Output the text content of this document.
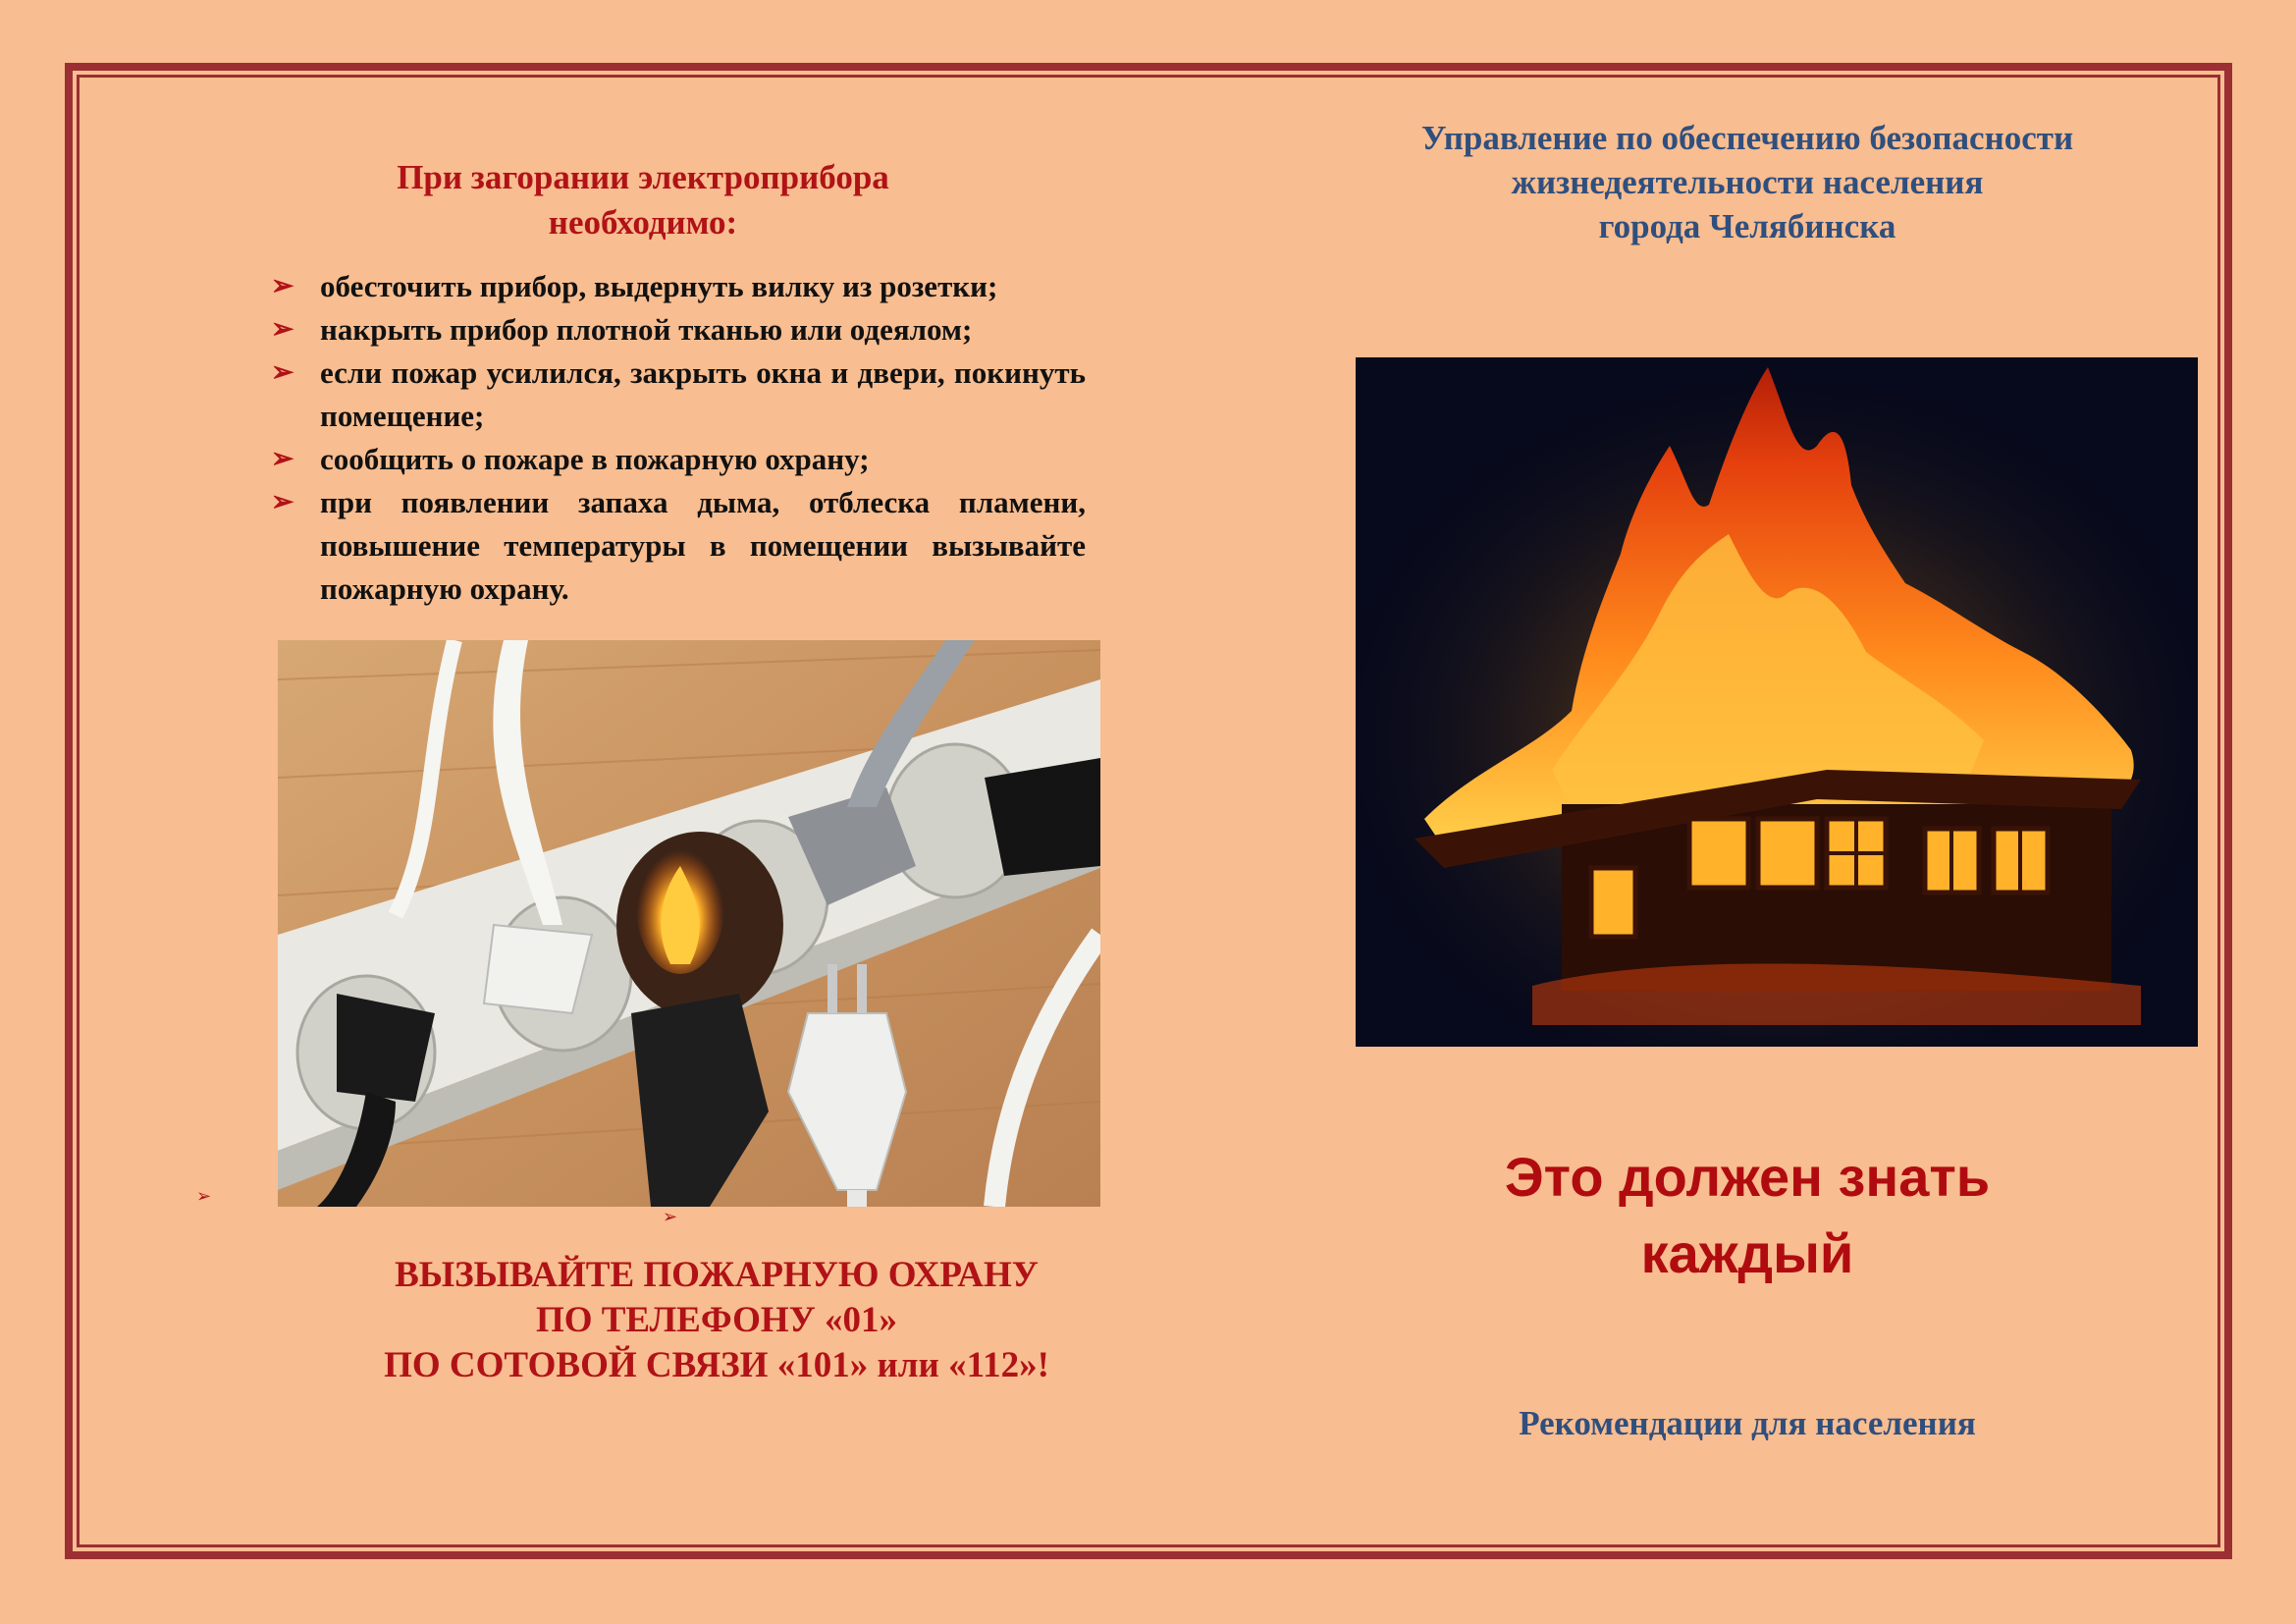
При загорании электроприбора
необходимо:
➢ обесточить прибор, выдернуть вилку из розетки;
➢ накрыть прибор плотной тканью или одеялом;
➢ если пожар усилился, закрыть окна и двери, покинуть помещение;
➢ сообщить о пожаре в пожарную охрану;
➢ при появлении запаха дыма, отблеска пламени, повышение температуры в помещении вызывайте пожарную охрану.
➢
➢
ВЫЗЫВАЙТЕ ПОЖАРНУЮ ОХРАНУ
ПО ТЕЛЕФОНУ «01»
ПО СОТОВОЙ СВЯЗИ «101» или «112»!
Управление по обеспечению безопасности
жизнедеятельности населения
города Челябинска
Это должен знать
каждый
Рекомендации для населения
